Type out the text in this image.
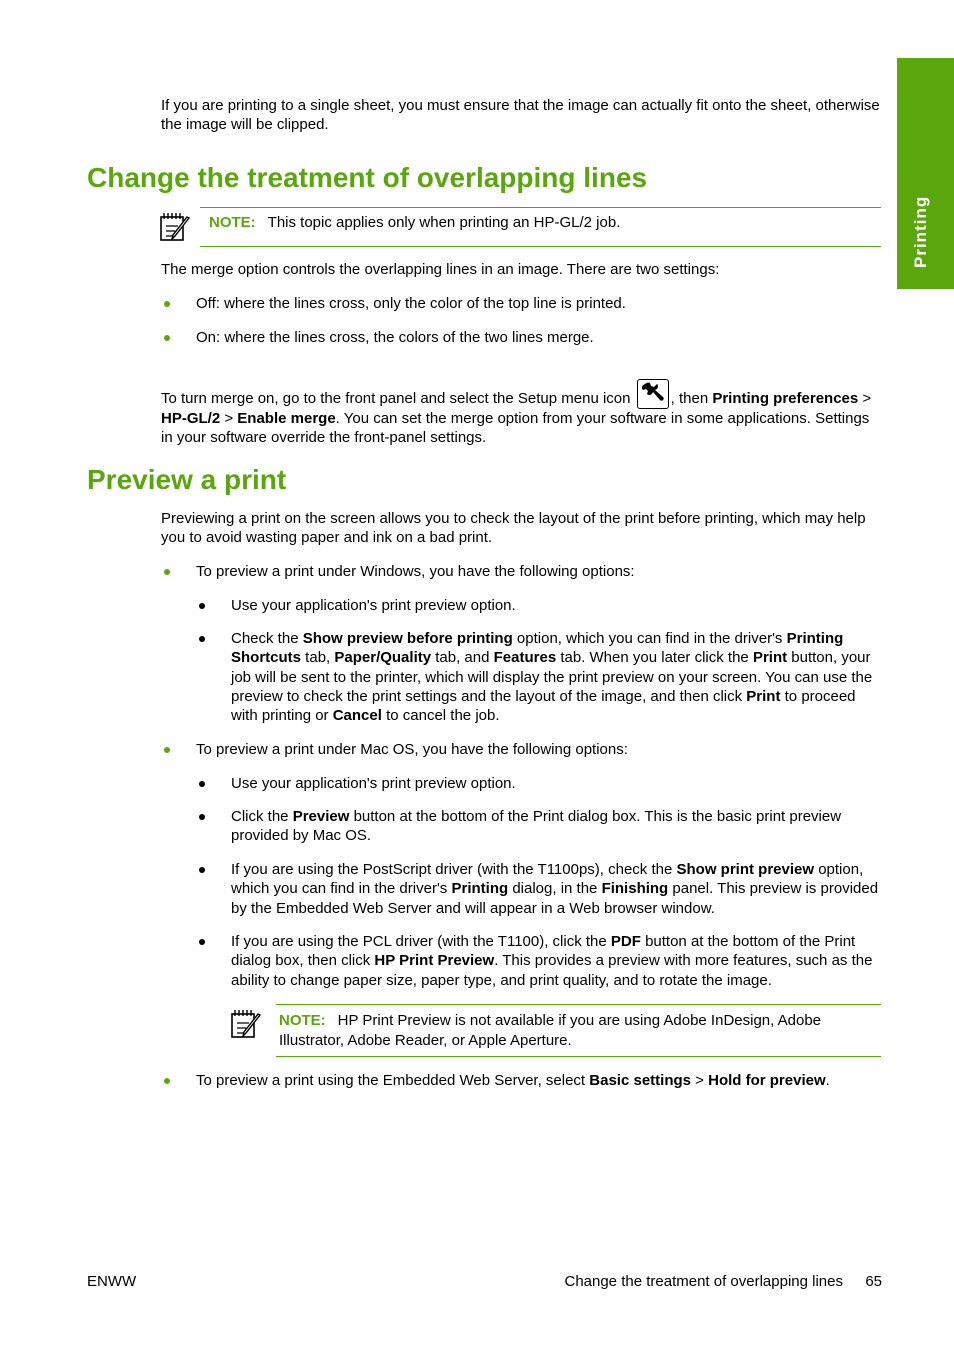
Printing

If you are printing to a single sheet, you must ensure that the image can actually fit onto the sheet, otherwise the image will be clipped.

Change the treatment of overlapping lines

NOTE: This topic applies only when printing an HP-GL/2 job.

The merge option controls the overlapping lines in an image. There are two settings:

Off: where the lines cross, only the color of the top line is printed.

On: where the lines cross, the colors of the two lines merge.

To turn merge on, go to the front panel and select the Setup menu icon
, then Printing preferences > HP-GL/2 > Enable merge. You can set the merge option from your software in some applications. Settings in your software override the front-panel settings.

Preview a print

Previewing a print on the screen allows you to check the layout of the print before printing, which may help you to avoid wasting paper and ink on a bad print.

To preview a print under Windows, you have the following options:

Use your application's print preview option.

Check the Show preview before printing option, which you can find in the driver's Printing Shortcuts tab, Paper/Quality tab, and Features tab. When you later click the Print button, your job will be sent to the printer, which will display the print preview on your screen. You can use the preview to check the print settings and the layout of the image, and then click Print to proceed with printing or Cancel to cancel the job.

To preview a print under Mac OS, you have the following options:

Use your application's print preview option.

Click the Preview button at the bottom of the Print dialog box. This is the basic print preview provided by Mac OS.

If you are using the PostScript driver (with the T1100ps), check the Show print preview option, which you can find in the driver's Printing dialog, in the Finishing panel. This preview is provided by the Embedded Web Server and will appear in a Web browser window.

If you are using the PCL driver (with the T1100), click the PDF button at the bottom of the Print dialog box, then click HP Print Preview. This provides a preview with more features, such as the ability to change paper size, paper type, and print quality, and to rotate the image.

NOTE: HP Print Preview is not available if you are using Adobe InDesign, Adobe Illustrator, Adobe Reader, or Apple Aperture.

To preview a print using the Embedded Web Server, select Basic settings > Hold for preview.

ENWW	Change the treatment of overlapping lines 65
